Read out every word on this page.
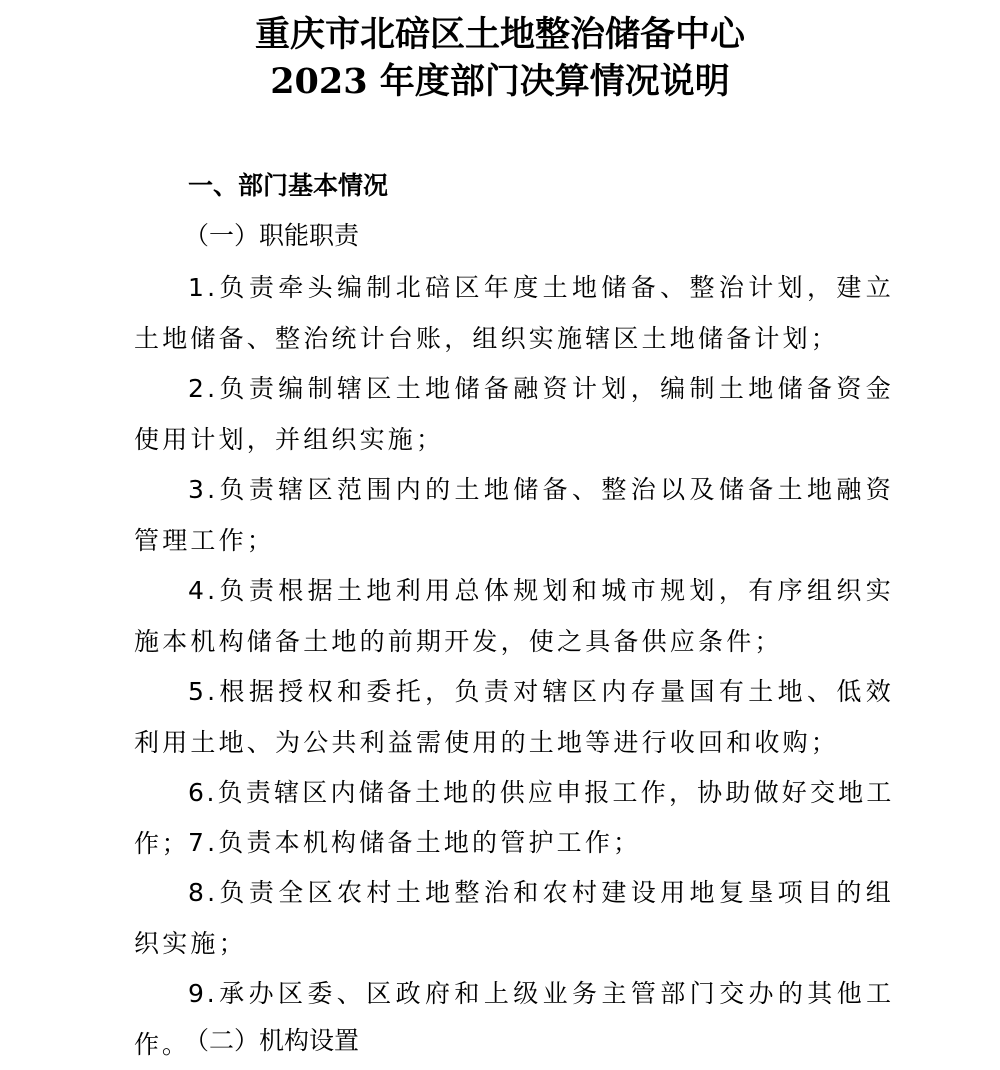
重庆市北碚区土地整治储备中心
2023 年度部门决算情况说明
一、部门基本情况
（一）职能职责

1.负责牵头编制北碚区年度土地储备、整治计划，建立土地储备、整治统计台账，组织实施辖区土地储备计划；

2.负责编制辖区土地储备融资计划，编制土地储备资金使用计划，并组织实施；

3.负责辖区范围内的土地储备、整治以及储备土地融资管理工作；

4.负责根据土地利用总体规划和城市规划，有序组织实施本机构储备土地的前期开发，使之具备供应条件；

5.根据授权和委托，负责对辖区内存量国有土地、低效利用土地、为公共利益需使用的土地等进行收回和收购；

6.负责辖区内储备土地的供应申报工作，协助做好交地工作；

7.负责本机构储备土地的管护工作；

8.负责全区农村土地整治和农村建设用地复垦项目的组织实施；

9.承办区委、区政府和上级业务主管部门交办的其他工作。

（二）机构设置
